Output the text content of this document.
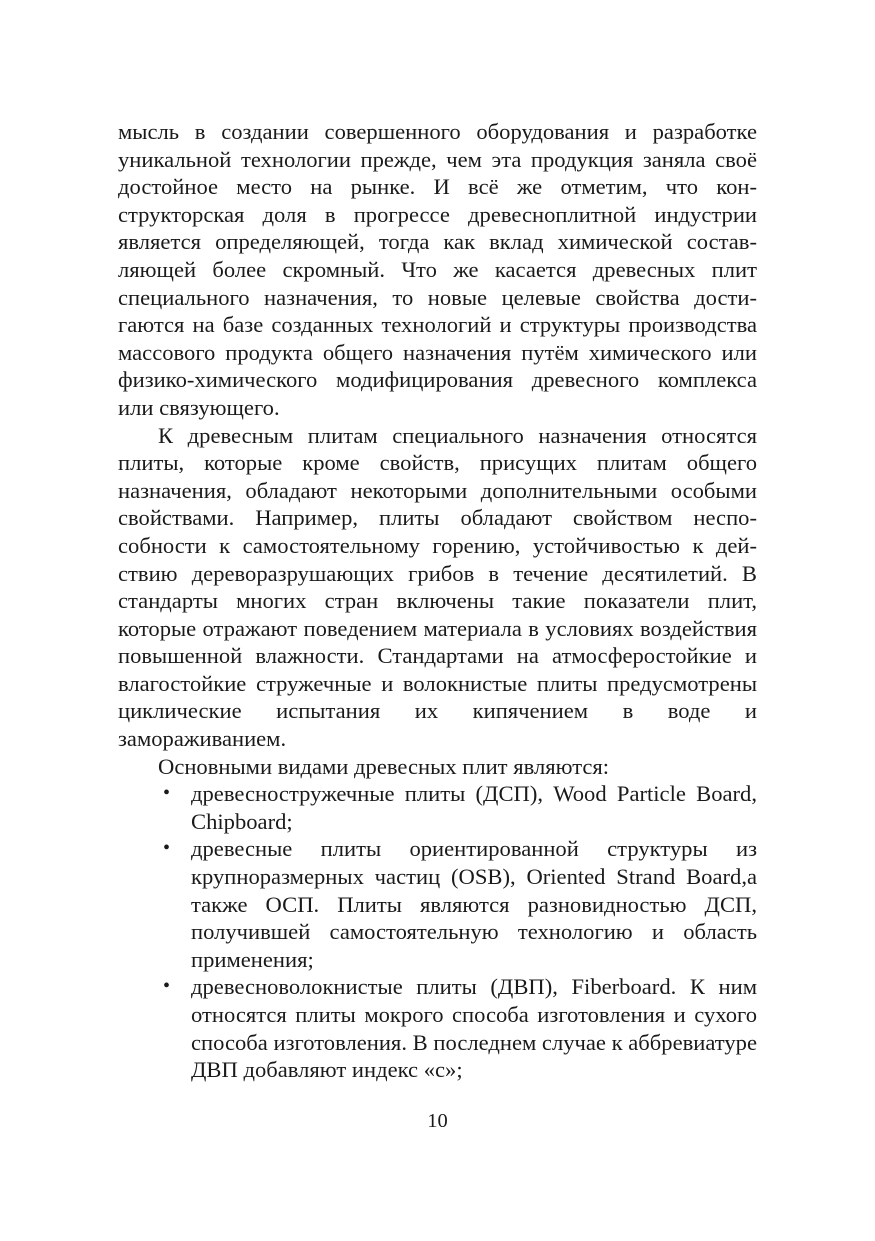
мысль в создании совершенного оборудования и разработке уникальной технологии прежде, чем эта продукция заняла своё достойное место на рынке. И всё же отметим, что конструкторская доля в прогрессе древесноплитной индустрии является определяющей, тогда как вклад химической составляющей более скромный. Что же касается древесных плит специального назначения, то новые целевые свойства достигаются на базе созданных технологий и структуры производства массового продукта общего назначения путём химического или физико-химического модифицирования древесного комплекса или связующего.

К древесным плитам специального назначения относятся плиты, которые кроме свойств, присущих плитам общего назначения, обладают некоторыми дополнительными особыми свойствами. Например, плиты обладают свойством неспособности к самостоятельному горению, устойчивостью к действию дереворазрушающих грибов в течение десятилетий. В стандарты многих стран включены такие показатели плит, которые отражают поведением материала в условиях воздействия повышенной влажности. Стандартами на атмосферостойкие и влагостойкие стружечные и волокнистые плиты предусмотрены циклические испытания их кипячением в воде и замораживанием.

Основными видами древесных плит являются:

• древесностружечные плиты (ДСП), Wood Particle Board, Chipboard;
• древесные плиты ориентированной структуры из крупноразмерных частиц (OSB), Oriented Strand Board,а также ОСП. Плиты являются разновидностью ДСП, получившей самостоятельную технологию и область применения;
• древесноволокнистые плиты (ДВП), Fiberboard. К ним относятся плиты мокрого способа изготовления и сухого способа изготовления. В последнем случае к аббревиатуре ДВП добавляют индекс «с»;
10
